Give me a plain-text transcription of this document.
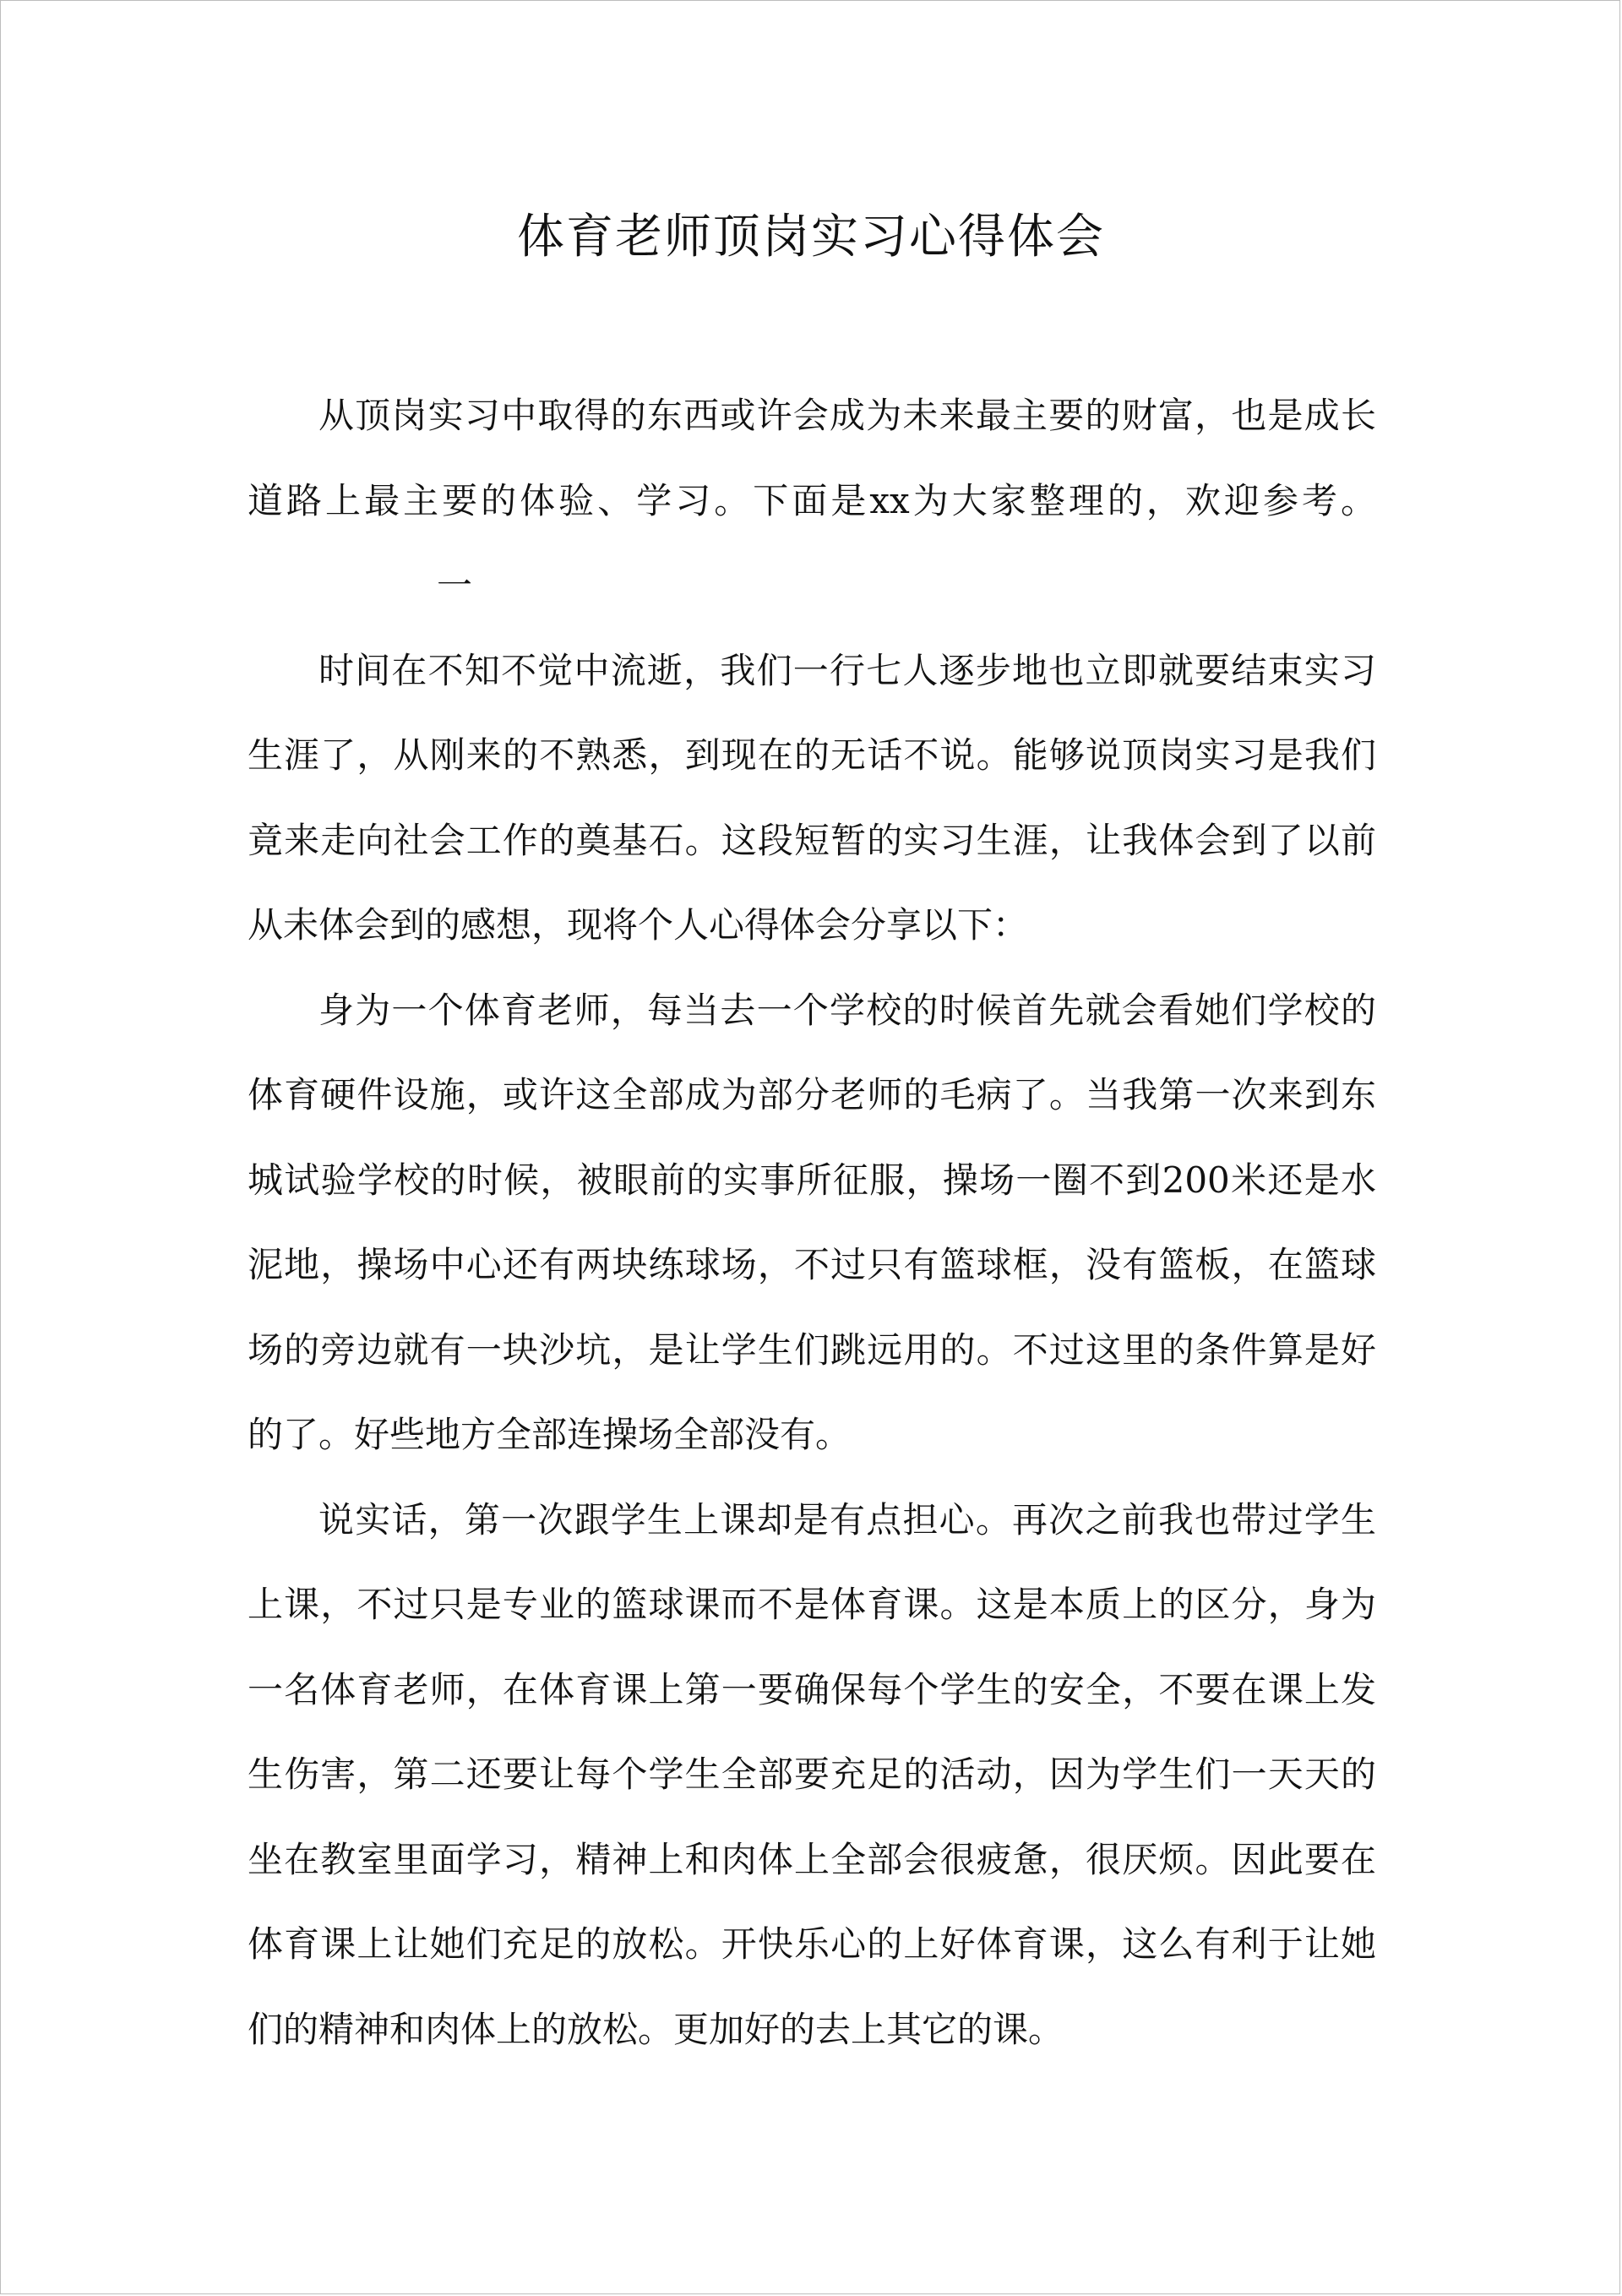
体育老师顶岗实习心得体会

从顶岗实习中取得的东西或许会成为未来最主要的财富，也是成长道路上最主要的体验、学习。下面是xx为大家整理的，欢迎参考。一

时间在不知不觉中流逝，我们一行七人逐步地也立即就要结束实习生涯了，从刚来的不熟悉，到现在的无话不说。能够说顶岗实习是我们竟来走向社会工作的奠基石。这段短暂的实习生涯，让我体会到了以前从未体会到的感想，现将个人心得体会分享以下：

身为一个体育老师，每当去一个学校的时候首先就会看她们学校的体育硬件设施，或许这全部成为部分老师的毛病了。当我第一次来到东城试验学校的时候，被眼前的实事所征服，操场一圈不到200米还是水泥地，操场中心还有两块练球场，不过只有篮球框，没有篮板，在篮球场的旁边就有一块沙坑，是让学生们跳远用的。不过这里的条件算是好的了。好些地方全部连操场全部没有。

说实话，第一次跟学生上课却是有点担心。再次之前我也带过学生上课，不过只是专业的篮球课而不是体育课。这是本质上的区分，身为一名体育老师，在体育课上第一要确保每个学生的安全，不要在课上发生伤害，第二还要让每个学生全部要充足的活动，因为学生们一天天的坐在教室里面学习，精神上和肉体上全部会很疲惫，很厌烦。因此要在体育课上让她们充足的放松。开快乐心的上好体育课，这么有利于让她们的精神和肉体上的放松。更加好的去上其它的课。
